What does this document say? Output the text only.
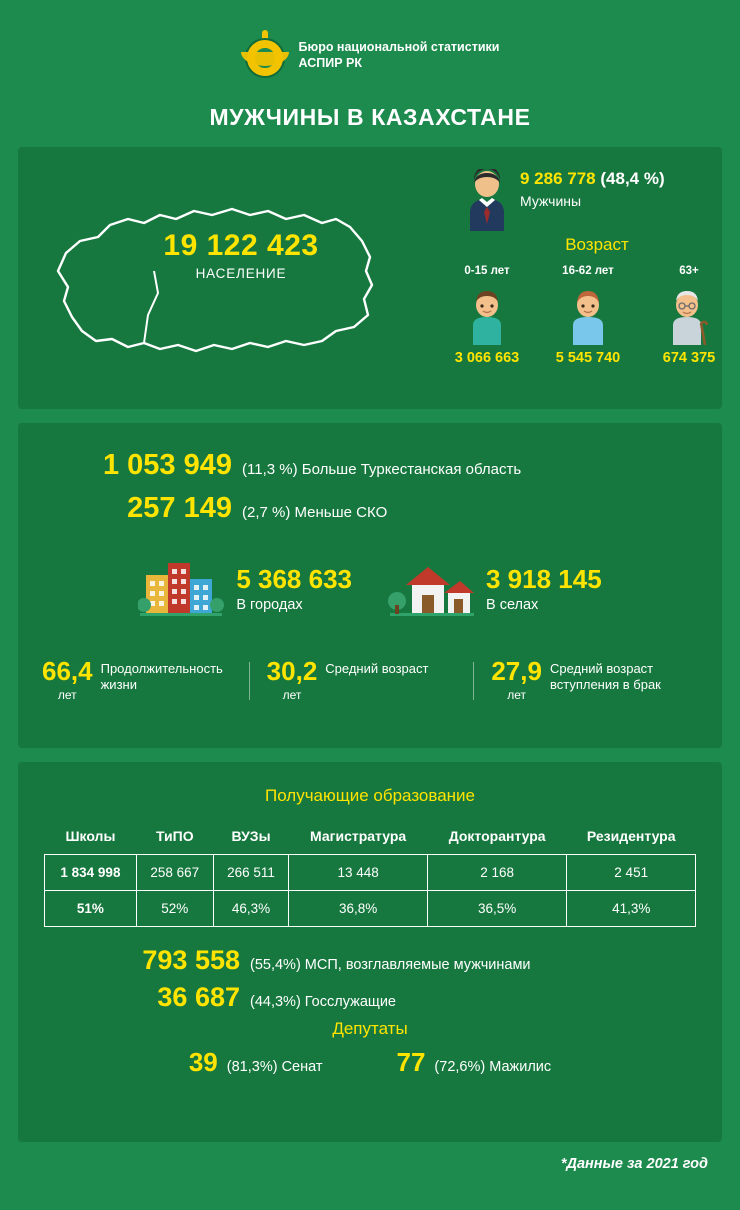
Бюро национальной статистики
АСПИР РК
МУЖЧИНЫ В КАЗАХСТАНЕ
19 122 423
НАСЕЛЕНИЕ
9 286 778 (48,4 %)
Мужчины
Возраст
0-15 лет
3 066 663
16-62 лет
5 545 740
63+
674 375
1 053 949 (11,3 %) Больше Туркестанская область
257 149 (2,7 %) Меньше СКО
5 368 633
В городах
3 918 145
В селах
66,4
лет
Продолжительность жизни	30,2
лет
Средний возраст 27,9
лет
Средний возраст вступления в брак
Получающие образование
Школы	ТиПО	ВУЗы	Магистратура	Докторантура	Резидентура
1 834 998	258 667	266 511	13 448	2 168	2 451
51%	52%	46,3%	36,8%	36,5%	41,3%
793 558 (55,4%) МСП, возглавляемые мужчинами
36 687 (44,3%) Госслужащие
Депутаты
39 (81,3%) Сенат	77 (72,6%) Мажилис
*Данные за 2021 год
